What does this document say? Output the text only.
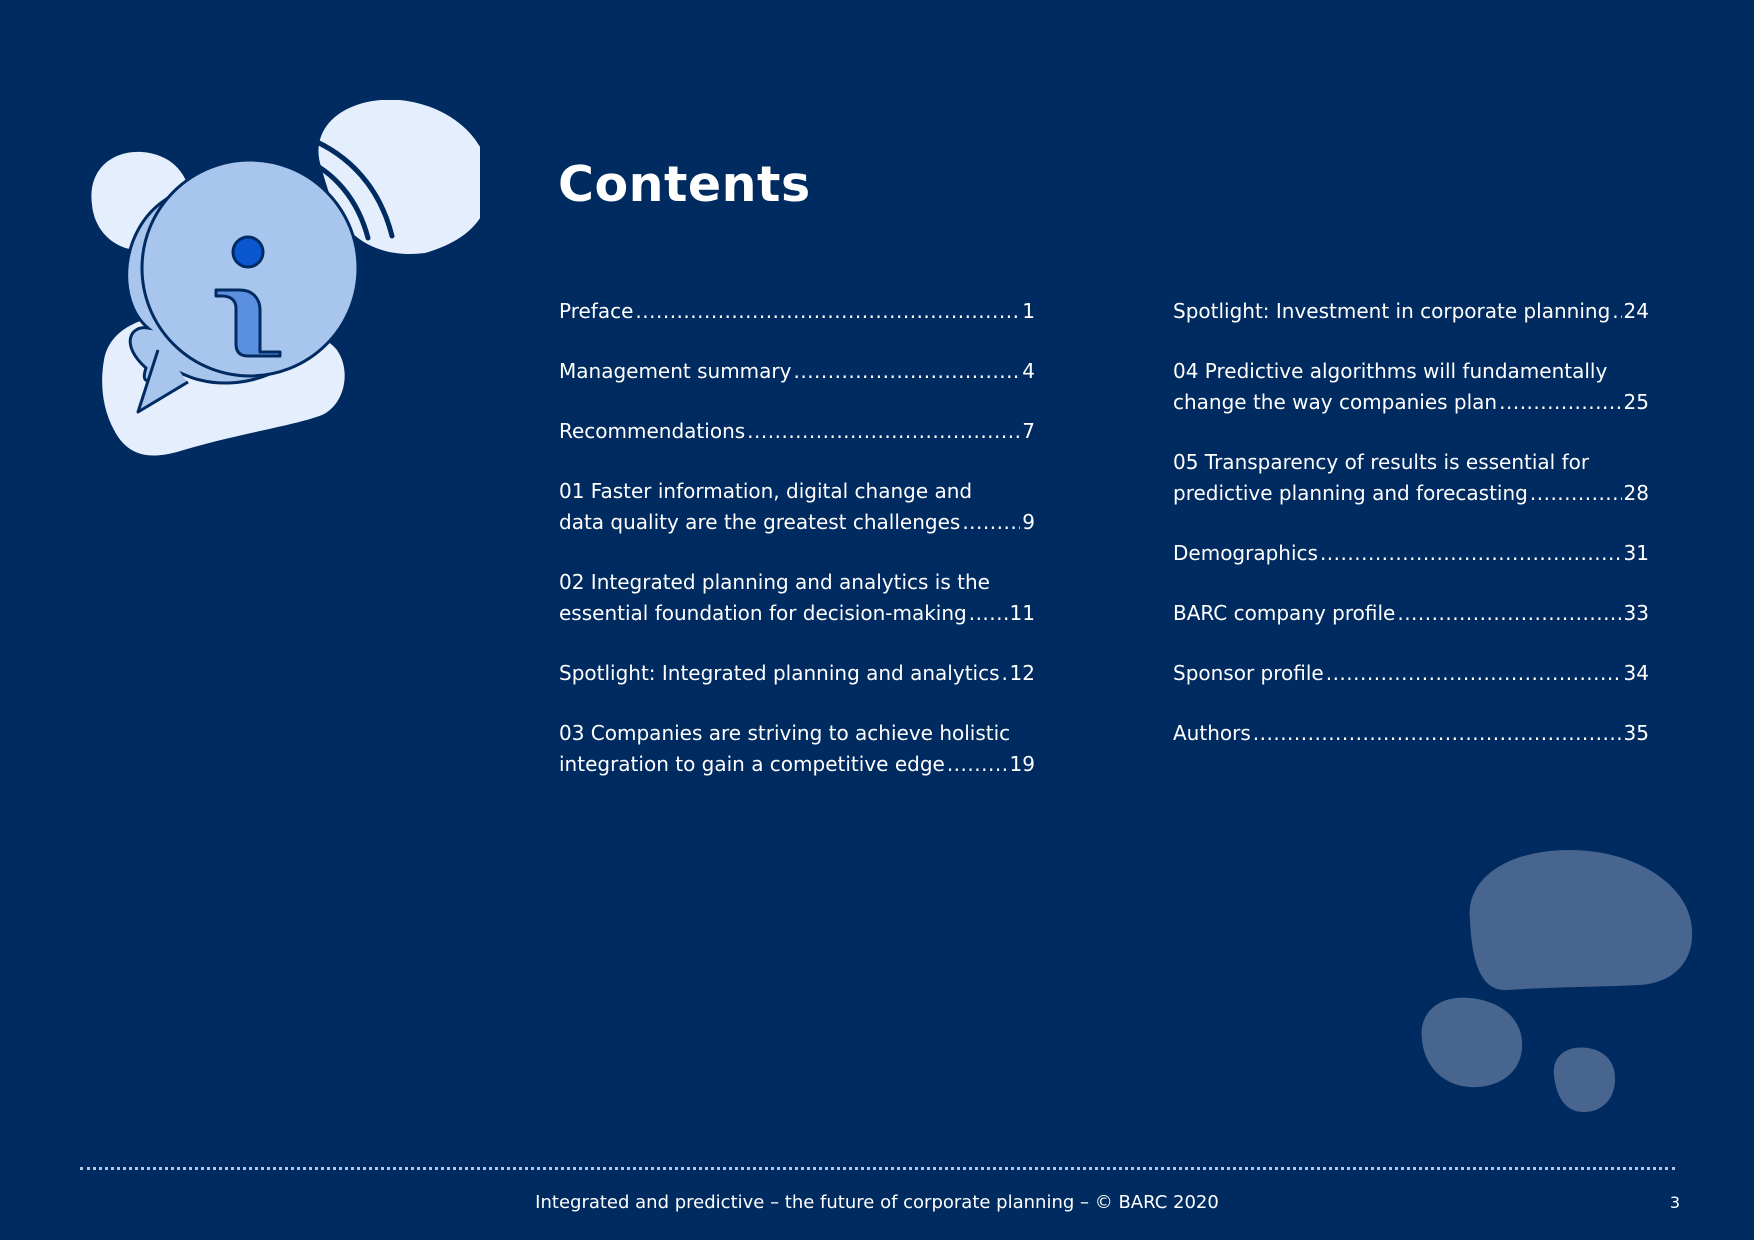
Contents
Preface .....	1
Management summary .....	4
Recommendations .....	7
01 Faster information, digital change and
data quality are the greatest challenges .....	9
02 Integrated planning and analytics is the
essential foundation for decision-making ..... 11
Spotlight: Integrated planning and analytics ..... 12
03 Companies are striving to achieve holistic
integration to gain a competitive edge .....	19
Spotlight: Investment in corporate planning ..... 24
04 Predictive algorithms will fundamentally
change the way companies plan .....	25
05 Transparency of results is essential for
predictive planning and forecasting .....	28
Demographics .....	31
BARC company profile .....	33
Sponsor profile .....	34
Authors .....	35
Integrated and predictive – the future of corporate planning – © BARC 2020	3
